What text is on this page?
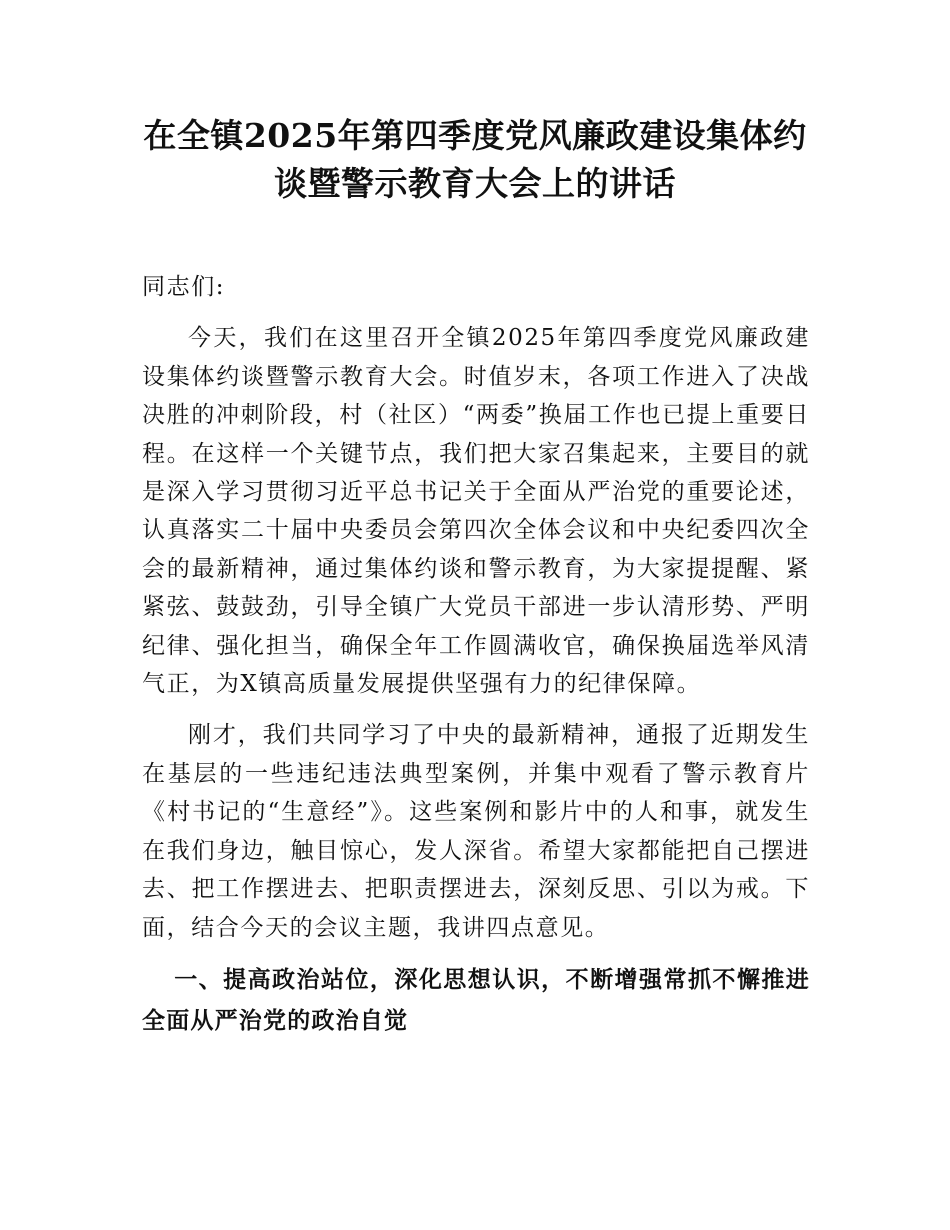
在全镇2025年第四季度党风廉政建设集体约
谈暨警示教育大会上的讲话

同志们:

今天，我们在这里召开全镇2025年第四季度党风廉政建设集体约谈暨警示教育大会。时值岁末，各项工作进入了决战决胜的冲刺阶段，村（社区）“两委”换届工作也已提上重要日程。在这样一个关键节点，我们把大家召集起来，主要目的就是深入学习贯彻习近平总书记关于全面从严治党的重要论述，认真落实二十届中央委员会第四次全体会议和中央纪委四次全会的最新精神，通过集体约谈和警示教育，为大家提提醒、紧紧弦、鼓鼓劲，引导全镇广大党员干部进一步认清形势、严明纪律、强化担当，确保全年工作圆满收官，确保换届选举风清气正，为X镇高质量发展提供坚强有力的纪律保障。

刚才，我们共同学习了中央的最新精神，通报了近期发生在基层的一些违纪违法典型案例，并集中观看了警示教育片《村书记的“生意经”》。这些案例和影片中的人和事，就发生在我们身边，触目惊心，发人深省。希望大家都能把自己摆进去、把工作摆进去、把职责摆进去，深刻反思、引以为戒。下面，结合今天的会议主题，我讲四点意见。

一、提高政治站位，深化思想认识，不断增强常抓不懈推进全面从严治党的政治自觉
